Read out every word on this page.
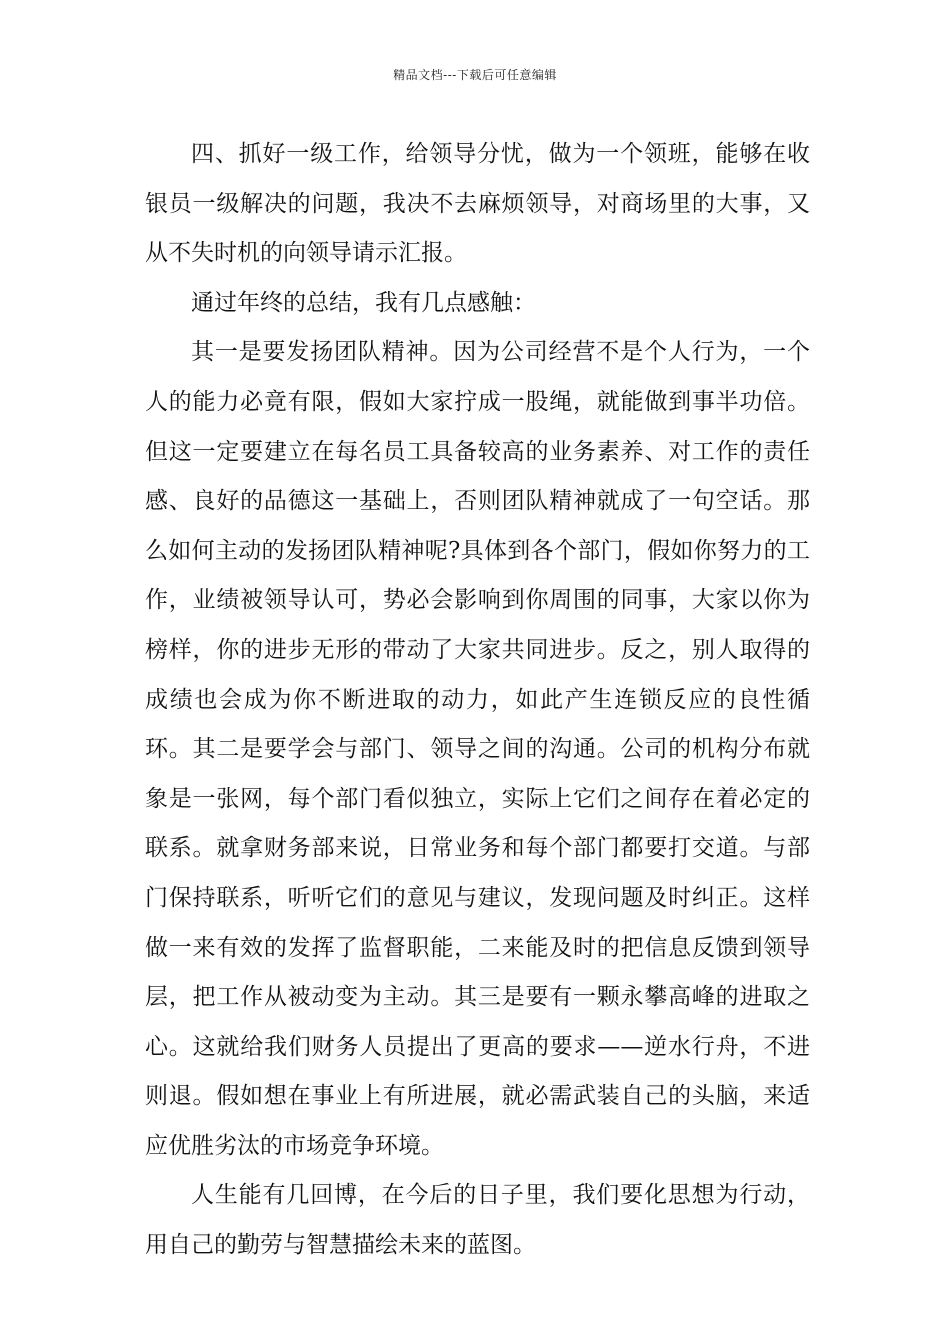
精品文档---下载后可任意编辑

四、抓好一级工作，给领导分忧，做为一个领班，能够在收银员一级解决的问题，我决不去麻烦领导，对商场里的大事，又从不失时机的向领导请示汇报。

通过年终的总结，我有几点感触：

其一是要发扬团队精神。因为公司经营不是个人行为，一个人的能力必竟有限，假如大家拧成一股绳，就能做到事半功倍。但这一定要建立在每名员工具备较高的业务素养、对工作的责任感、良好的品德这一基础上，否则团队精神就成了一句空话。那么如何主动的发扬团队精神呢?具体到各个部门，假如你努力的工作，业绩被领导认可，势必会影响到你周围的同事，大家以你为榜样，你的进步无形的带动了大家共同进步。反之，别人取得的成绩也会成为你不断进取的动力，如此产生连锁反应的良性循环。其二是要学会与部门、领导之间的沟通。公司的机构分布就象是一张网，每个部门看似独立，实际上它们之间存在着必定的联系。就拿财务部来说，日常业务和每个部门都要打交道。与部门保持联系，听听它们的意见与建议，发现问题及时纠正。这样做一来有效的发挥了监督职能，二来能及时的把信息反馈到领导层，把工作从被动变为主动。其三是要有一颗永攀高峰的进取之心。这就给我们财务人员提出了更高的要求——逆水行舟，不进则退。假如想在事业上有所进展，就必需武装自己的头脑，来适应优胜劣汰的市场竞争环境。

人生能有几回博，在今后的日子里，我们要化思想为行动，用自己的勤劳与智慧描绘未来的蓝图。
